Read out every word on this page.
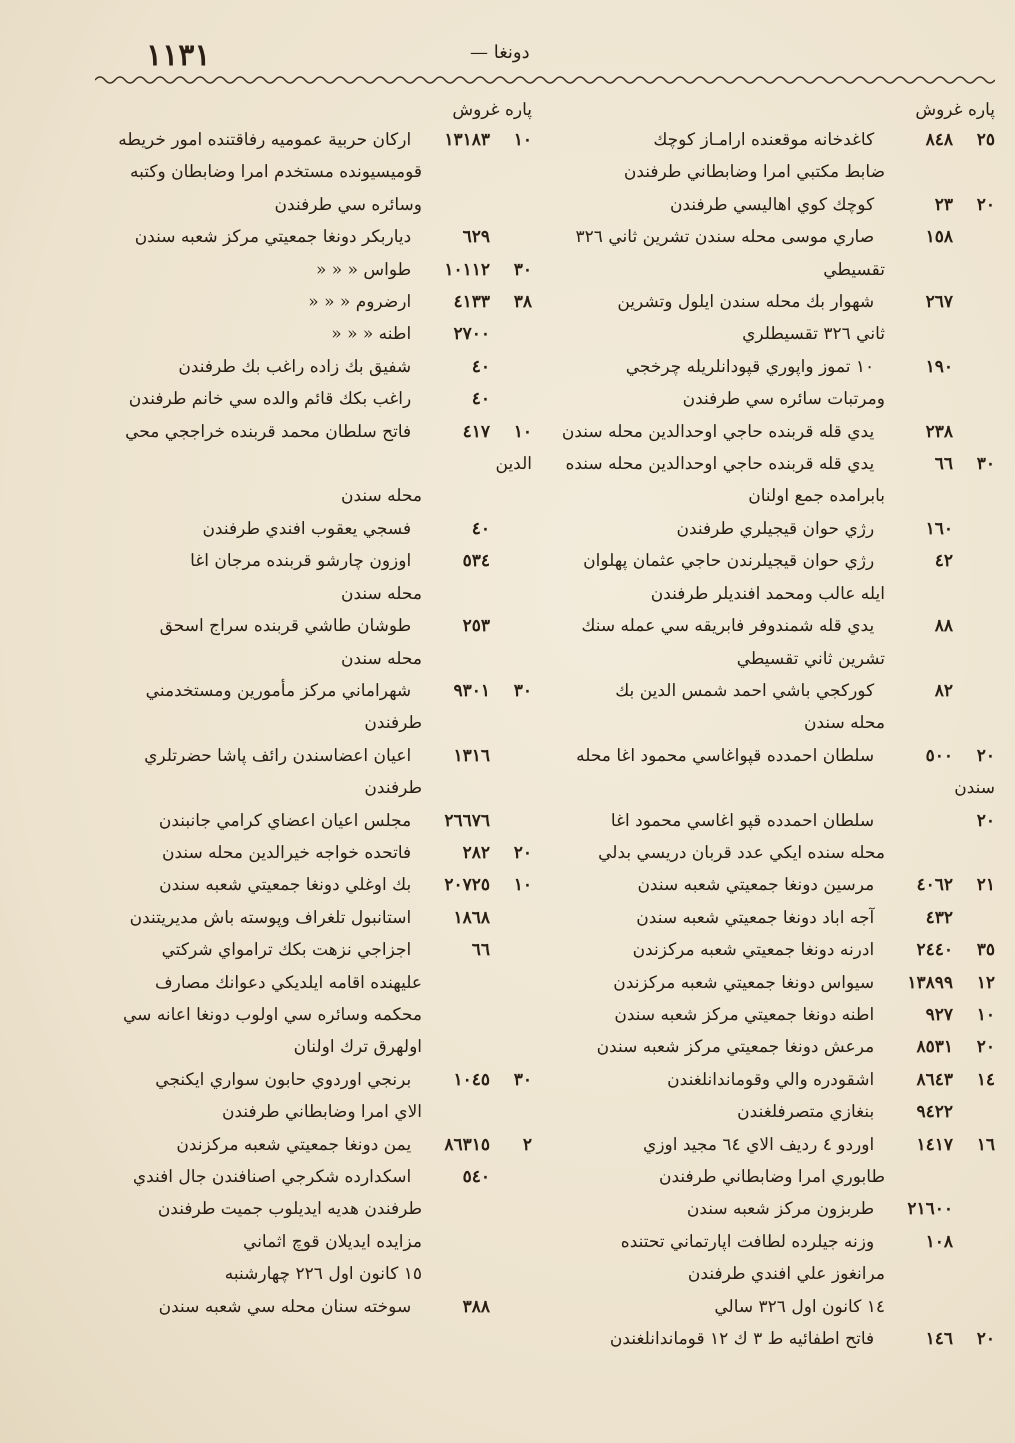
١١٣١	دونغا —
پاره غروش
٢٥٨٤٨  كاغدخانه موقعنده ارامـاز كوچك
ضابط مكتبي امرا وضابطاني طرفندن
٢٠٢٣  كوچك كوي اهاليسي طرفندن
١٥٨  صاري موسى محله سندن تشرين ثاني ٣٢٦
تقسيطي
٢٦٧  شهوار بك محله سندن ايلول وتشرين
ثاني ٣٢٦ تقسيطلري
١٩٠  ١٠ تموز واپوري قپودانلريله چرخجي
ومرتبات سائره سي طرفندن
٢٣٨  يدي قله قربنده حاجي اوحدالدين محله سندن
٣٠٦٦  يدي قله قربنده حاجي اوحدالدين محله سنده
بابرامده جمع اولنان
١٦٠  رژي حوان قيجيلري طرفندن
٤٢  رژي حوان قيجيلرندن حاجي عثمان پهلوان
ايله عالب ومحمد افنديلر طرفندن
٨٨  يدي قله شمندوفر فابريقه سي عمله سنك
تشرين ثاني تقسيطي
٨٢  كوركجي باشي احمد شمس الدين بك
محله سندن
٢٠٥٠٠  سلطان احمدده قپواغاسي محمود اغا محله سندن
٢٠  سلطان احمدده قپو اغاسي محمود اغا
محله سنده ايكي عدد قربان دريسي بدلي
٢١٤٠٦٢  مرسين دونغا جمعيتي شعبه سندن
٤٣٢  آجه اباد دونغا جمعيتي شعبه سندن
٣٥٢٤٤٠  ادرنه دونغا جمعيتي شعبه مركزندن
١٢١٣٨٩٩  سيواس دونغا جمعيتي شعبه مركزندن
١٠٩٢٧  اطنه دونغا جمعيتي مركز شعبه سندن
٢٠٨٥٣١  مرعش دونغا جمعيتي مركز شعبه سندن
١٤٨٦٤٣  اشقودره والي وقوماندانلغندن
٩٤٢٢  بنغازي متصرفلغندن
١٦١٤١٧  اوردو ٤ رديف الاي ٦٤ مجيد اوزي
طابوري امرا وضابطاني طرفندن
٢١٦٠٠  طربزون مركز شعبه سندن
١٠٨  وزنه جيلرده لطافت اپارتماني تحتنده
مرانغوز علي افندي طرفندن
١٤ كانون اول ٣٢٦ سالي
٢٠١٤٦  فاتح اطفائيه ط ٣ ك ١٢ قوماندانلغندن
پاره غروش
١٠١٣١٨٣  اركان حربية عموميه رفاقتنده امور خريطه
قوميسيونده مستخدم امرا وضابطان وكتبه
وسائره سي طرفندن
٦٢٩  دياربكر دونغا جمعيتي مركز شعبه سندن
٣٠١٠١١٢  طواس « « «
٣٨٤١٣٣  ارضروم « « «
٢٧٠٠  اطنه « « «
٤٠  شفيق بك زاده راغب بك طرفندن
٤٠  راغب بكك قائم والده سي خانم طرفندن
١٠٤١٧  فاتح سلطان محمد قربنده خراججي محي الدين
محله سندن
٤٠  فسجي يعقوب افندي طرفندن
٥٣٤  اوزون چارشو قربنده مرجان اغا
محله سندن
٢٥٣  طوشان طاشي قربنده سراج اسحق
محله سندن
٣٠٩٣٠١  شهراماني مركز مأمورين ومستخدمني
طرفندن
١٣١٦  اعيان اعضاسندن رائف پاشا حضرتلري
طرفندن
٢٦٦٧٦  مجلس اعيان اعضاي كرامي جانبندن
٢٠٢٨٢  فاتحده خواجه خيرالدين محله سندن
١٠٢٠٧٢٥  بك اوغلي دونغا جمعيتي شعبه سندن
١٨٦٨  استانبول تلغراف وپوسته باش مديريتندن
٦٦  اجزاجي نزهت بكك ترامواي شركتي
عليهنده اقامه ايلديكي دعوانك مصارف
محكمه وسائره سي اولوب دونغا اعانه سي
اولهرق ترك اولنان
٣٠١٠٤٥  برنجي اوردوي حابون سواري ايكنجي
الاي امرا وضابطاني طرفندن
٢٨٦٣١٥  يمن دونغا جمعيتي شعبه مركزندن
٥٤٠  اسكدارده شكرجي اصنافندن جال افندي
طرفندن هديه ايديلوب جميت طرفندن
مزايده ايديلان قوچ اثماني
١٥ كانون اول ٢٢٦ چهارشنبه
٣٨٨  سوخته سنان محله سي شعبه سندن
